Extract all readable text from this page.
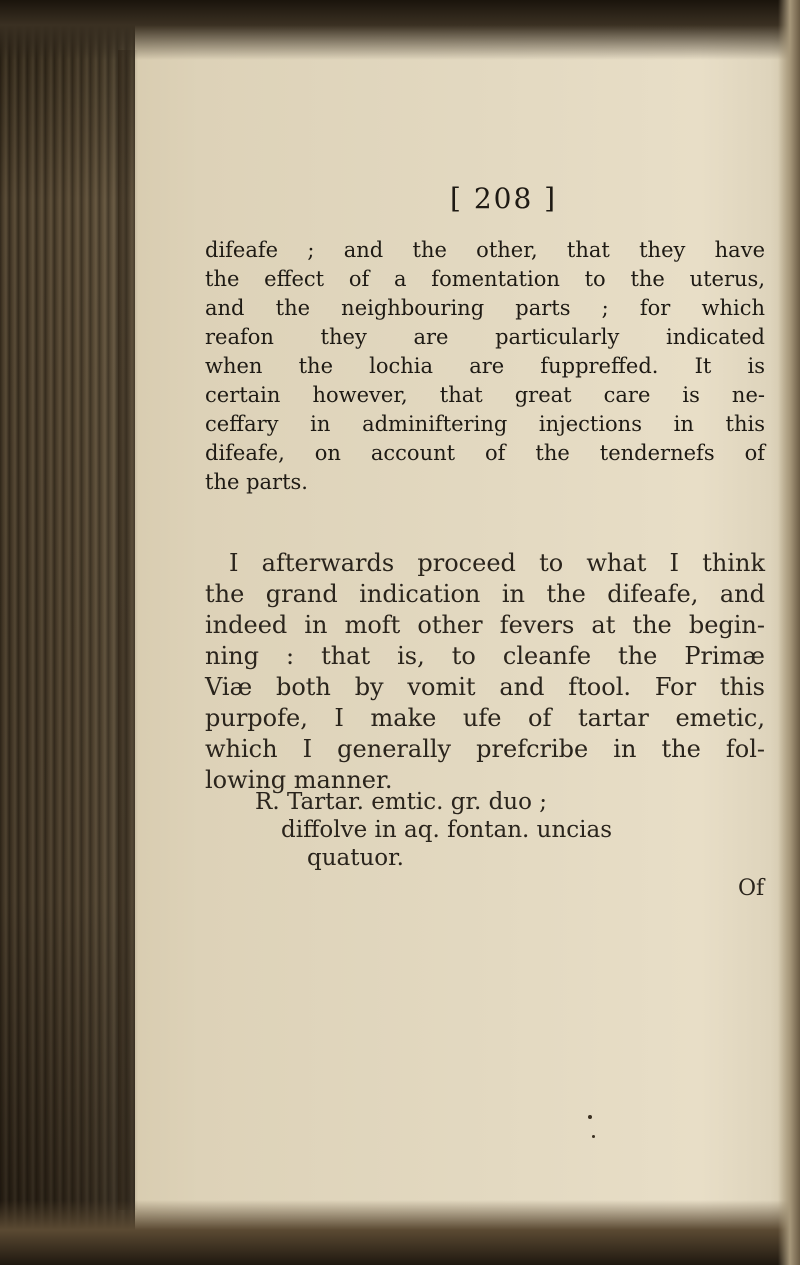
[ 208 ]
difeafe ; and the other, that they have
the effect of a fomentation to the uterus,
and the neighbouring parts ; for which
reafon they are particularly indicated
when the lochia are fuppreffed. It is
certain however, that great care is ne-
ceffary in adminiftering injections in this
difeafe, on account of the tendernefs of
the parts.
I afterwards proceed to what I think
the grand indication in the difeafe, and
indeed in moft other fevers at the begin-
ning : that is, to cleanfe the Primæ
Viæ both by vomit and ftool. For this
purpofe, I make ufe of tartar emetic,
which I generally prefcribe in the fol-
lowing manner.
R. Tartar. emtic. gr. duo ;
diffolve in aq. fontan. uncias
quatuor.
Of
